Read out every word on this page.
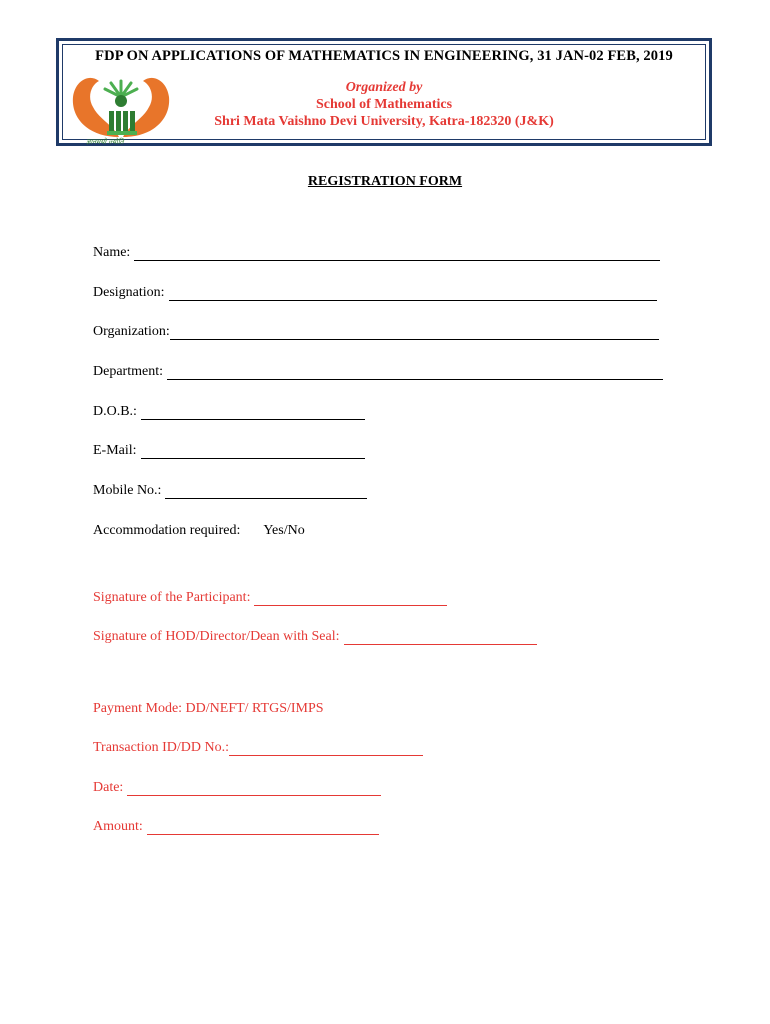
FDP ON APPLICATIONS OF MATHEMATICS IN ENGINEERING, 31 JAN-02 FEB, 2019
ज्ञानमयो ज्योति
Organized by
School of Mathematics
Shri Mata Vaishno Devi University, Katra-182320 (J&K)
REGISTRATION FORM
Name:
Designation:
Organization:
Department:
D.O.B.:
E-Mail:
Mobile No.:
Accommodation required: Yes/No
Signature of the Participant:
Signature of HOD/Director/Dean with Seal:
Payment Mode: DD/NEFT/ RTGS/IMPS
Transaction ID/DD No.:
Date:
Amount:
